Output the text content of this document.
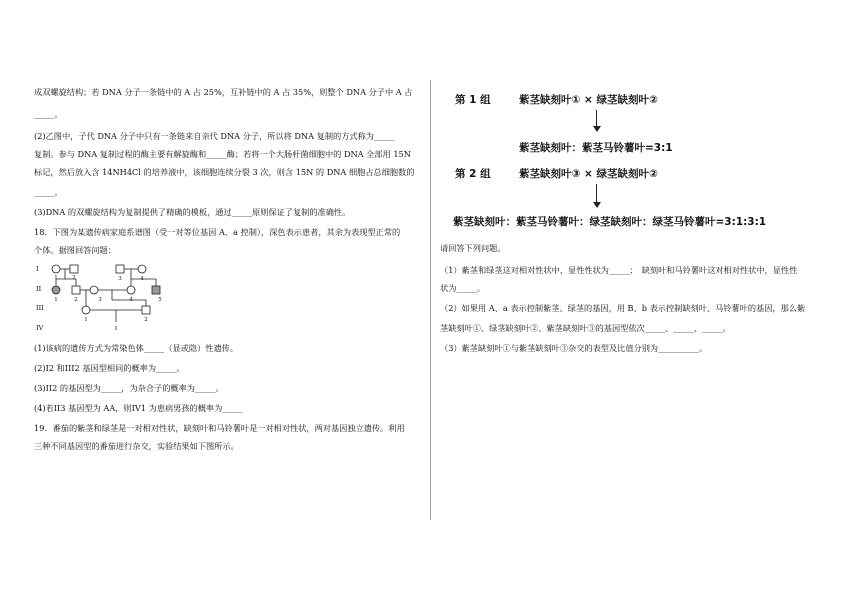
成双螺旋结构；若 DNA 分子一条链中的 A 占 25%，互补链中的 A 占 35%，则整个 DNA 分子中 A 占
_____。
(2)乙图中，子代 DNA 分子中只有一条链来自亲代 DNA 分子，所以将 DNA 复制的方式称为_____
复制。参与 DNA 复制过程的酶主要有解旋酶和_____酶；若将一个大肠杆菌细胞中的 DNA 全部用 15N
标记，然后放入含 14NH4Cl 的培养液中，该细胞连续分裂 3 次，则含 15N 的 DNA 细胞占总细胞数的
_____。
(3)DNA 的双螺旋结构为复制提供了精确的模板，通过_____原则保证了复制的准确性。
18．下图为某遗传病家庭系谱图（受一对等位基因 A、a 控制），深色表示患者，其余为表现型正常的
个体。据图回答问题：
I
II
III
IV
1	2	3	4
1	2	3	4	5
1	2
1
(1)该病的遗传方式为常染色体_____（显或隐）性遗传。
(2)I2 和III2 基因型相同的概率为_____。
(3)II2 的基因型为_____，为杂合子的概率为_____。
(4)若II3 基因型为 AA，则IV1 为患病男孩的概率为_____
19．番茄的紫茎和绿茎是一对相对性状，缺刻叶和马铃薯叶是一对相对性状，两对基因独立遗传。利用
三种不同基因型的番茄进行杂交，实验结果如下图所示。
第 1 组	紫茎缺刻叶① × 绿茎缺刻叶②
紫茎缺刻叶：紫茎马铃薯叶=3:1
第 2 组	紫茎缺刻叶③ × 绿茎缺刻叶②
紫茎缺刻叶：紫茎马铃薯叶：绿茎缺刻叶：绿茎马铃薯叶=3:1:3:1
请回答下列问题。
（1）紫茎和绿茎这对相对性状中，显性性状为_____；　缺刻叶和马铃薯叶这对相对性状中，显性性
状为_____。
（2）如果用 A、a 表示控制紫茎、绿茎的基因，用 B、b 表示控制缺刻叶、马铃薯叶的基因，那么紫
茎缺刻叶①、绿茎缺刻叶②、紫茎缺刻叶③的基因型依次_____、_____、_____。
（3）紫茎缺刻叶①与紫茎缺刻叶③杂交的表型及比值分别为__________。
